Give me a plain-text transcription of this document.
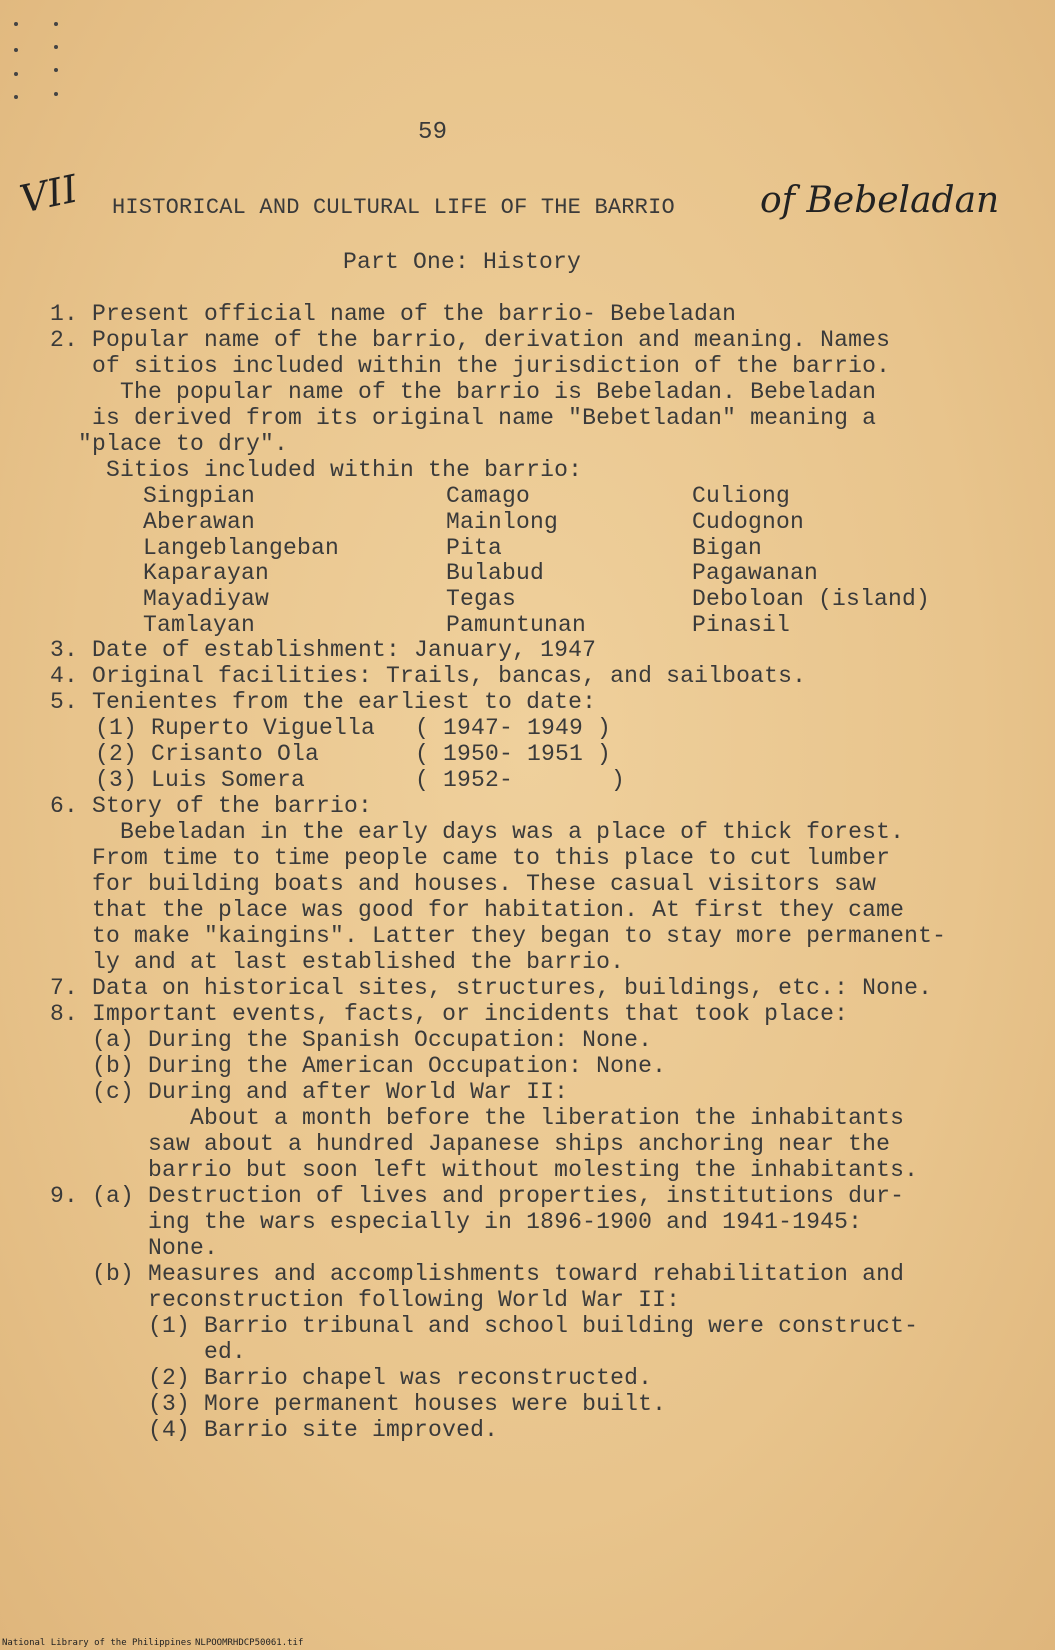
59
VII HISTORICAL AND CULTURAL LIFE OF THE BARRIO of Bebeladan
Part One: History
1. Present official name of the barrio- Bebeladan
2. Popular name of the barrio, derivation and meaning. Names
of sitios included within the jurisdiction of the barrio.
The popular name of the barrio is Bebeladan. Bebeladan
is derived from its original name "Bebetladan" meaning a
"place to dry".
Sitios included within the barrio:
Singpian
Aberawan
Langeblangeban
Kaparayan
Mayadiyaw
Tamlayan
Camago
Mainlong
Pita
Bulabud
Tegas
Pamuntunan
Culiong
Cudognon
Bigan
Pagawanan
Deboloan (island)
Pinasil
3. Date of establishment: January, 1947
4. Original facilities: Trails, bancas, and sailboats.
5. Tenientes from the earliest to date:
(1) Ruperto Viguella ( 1947- 1949 )
(2) Crisanto Ola	( 1950- 1951 )
(3) Luis Somera	( 1952-       )
6. Story of the barrio:
Bebeladan in the early days was a place of thick forest.
From time to time people came to this place to cut lumber
for building boats and houses. These casual visitors saw
that the place was good for habitation. At first they came
to make "kaingins". Latter they began to stay more permanent-
ly and at last established the barrio.
7. Data on historical sites, structures, buildings, etc.: None.
8. Important events, facts, or incidents that took place:
(a) During the Spanish Occupation: None.
(b) During the American Occupation: None.
(c) During and after World War II:
About a month before the liberation the inhabitants
saw about a hundred Japanese ships anchoring near the
barrio but soon left without molesting the inhabitants.
9. (a) Destruction of lives and properties, institutions dur-
ing the wars especially in 1896-1900 and 1941-1945:
None.
(b) Measures and accomplishments toward rehabilitation and
reconstruction following World War II:
(1) Barrio tribunal and school building were construct-
ed.
(2) Barrio chapel was reconstructed.
(3) More permanent houses were built.
(4) Barrio site improved.
National Library of the Philippines NLPOOMRHDCP50061.tif
